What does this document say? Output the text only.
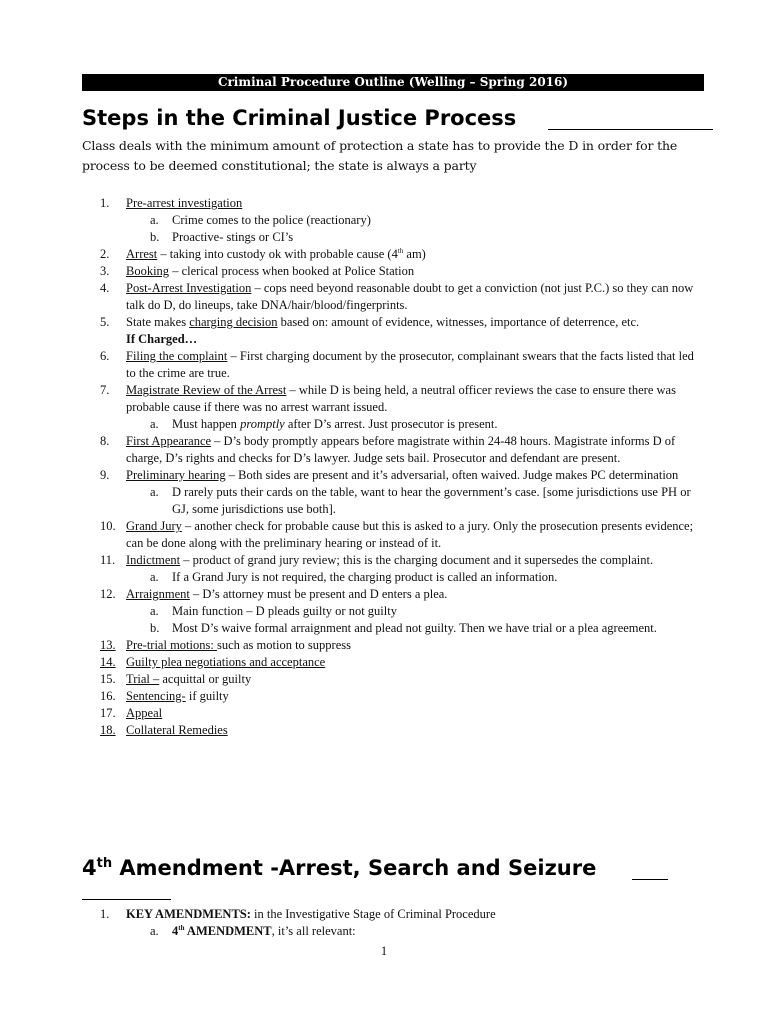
Criminal Procedure Outline (Welling – Spring 2016)
Steps in the Criminal Justice Process
Class deals with the minimum amount of protection a state has to provide the D in order for the process to be deemed constitutional; the state is always a party
1.	Pre-arrest investigation
a.	Crime comes to the police (reactionary)
b.	Proactive- stings or CI’s
2.	Arrest – taking into custody ok with probable cause (4th am)
3.	Booking – clerical process when booked at Police Station
4.	Post-Arrest Investigation – cops need beyond reasonable doubt to get a conviction (not just P.C.) so they can now talk do D, do lineups, take DNA/hair/blood/fingerprints.
5.	State makes charging decision based on: amount of evidence, witnesses, importance of deterrence, etc.
If Charged…
6.	Filing the complaint – First charging document by the prosecutor, complainant swears that the facts listed that led to the crime are true.
7.	Magistrate Review of the Arrest – while D is being held, a neutral officer reviews the case to ensure there was probable cause if there was no arrest warrant issued.
a.	Must happen promptly after D’s arrest. Just prosecutor is present.
8.	First Appearance – D’s body promptly appears before magistrate within 24-48 hours. Magistrate informs D of charge, D’s rights and checks for D’s lawyer. Judge sets bail. Prosecutor and defendant are present.
9.	Preliminary hearing – Both sides are present and it’s adversarial, often waived. Judge makes PC determination
a.	D rarely puts their cards on the table, want to hear the government’s case. [some jurisdictions use PH or GJ, some jurisdictions use both].
10. Grand Jury – another check for probable cause but this is asked to a jury. Only the prosecution presents evidence; can be done along with the preliminary hearing or instead of it.
11. Indictment – product of grand jury review; this is the charging document and it supersedes the complaint.
a.	If a Grand Jury is not required, the charging product is called an information.
12. Arraignment – D’s attorney must be present and D enters a plea.
a.	Main function – D pleads guilty or not guilty
b.	Most D’s waive formal arraignment and plead not guilty. Then we have trial or a plea agreement.
13. Pre-trial motions: such as motion to suppress
14. Guilty plea negotiations and acceptance
15. Trial – acquittal or guilty
16. Sentencing- if guilty
17. Appeal
18. Collateral Remedies
4th Amendment -Arrest, Search and Seizure
1.	KEY AMENDMENTS: in the Investigative Stage of Criminal Procedure
a.	4th AMENDMENT, it’s all relevant:
1
